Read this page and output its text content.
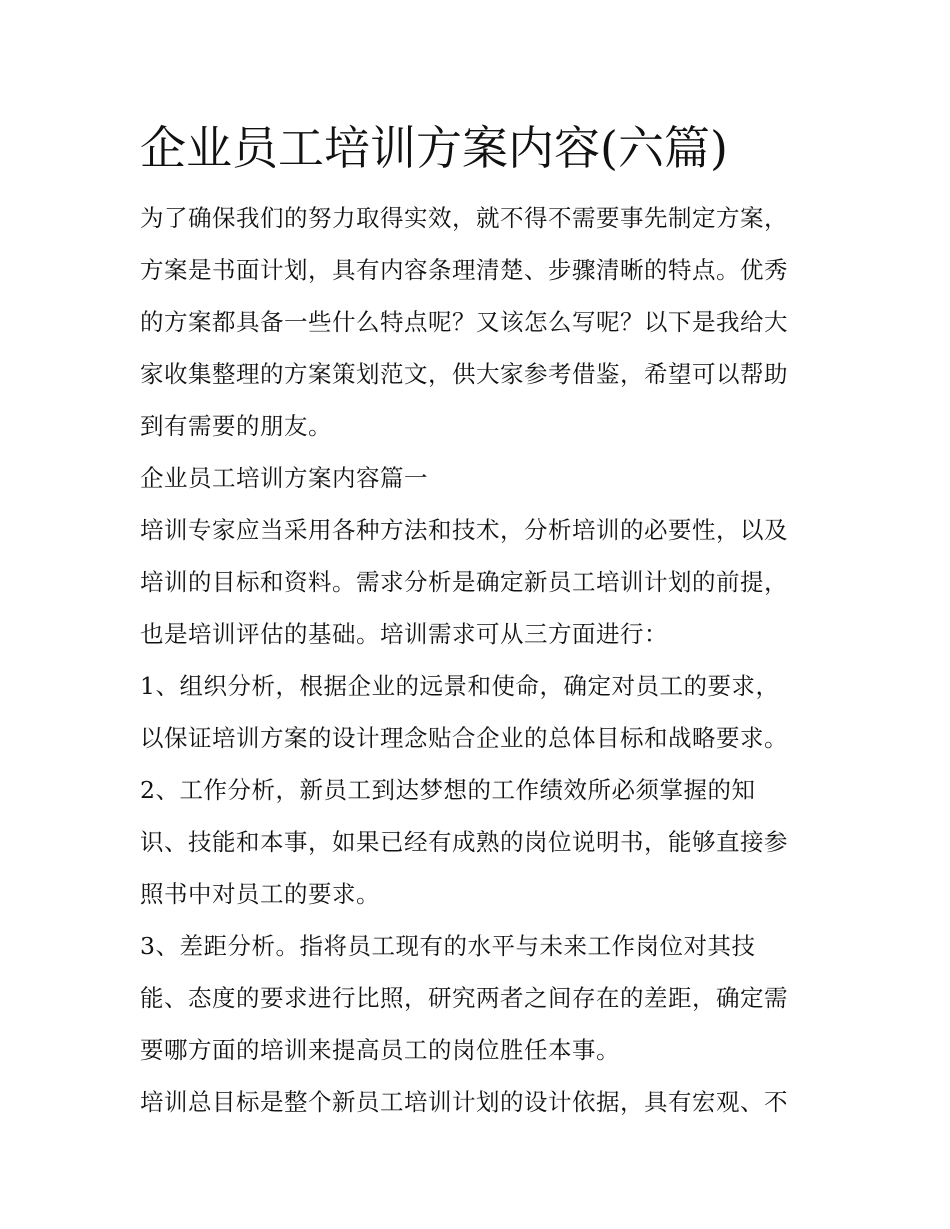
企业员工培训方案内容(六篇)

为了确保我们的努力取得实效，就不得不需要事先制定方案，
方案是书面计划，具有内容条理清楚、步骤清晰的特点。优秀
的方案都具备一些什么特点呢？又该怎么写呢？以下是我给大
家收集整理的方案策划范文，供大家参考借鉴，希望可以帮助
到有需要的朋友。

企业员工培训方案内容篇一

培训专家应当采用各种方法和技术，分析培训的必要性，以及
培训的目标和资料。需求分析是确定新员工培训计划的前提，
也是培训评估的基础。培训需求可从三方面进行：

1、组织分析，根据企业的远景和使命，确定对员工的要求，
以保证培训方案的设计理念贴合企业的总体目标和战略要求。

2、工作分析，新员工到达梦想的工作绩效所必须掌握的知
识、技能和本事，如果已经有成熟的岗位说明书，能够直接参
照书中对员工的要求。

3、差距分析。指将员工现有的水平与未来工作岗位对其技
能、态度的要求进行比照，研究两者之间存在的差距，确定需
要哪方面的培训来提高员工的岗位胜任本事。

培训总目标是整个新员工培训计划的设计依据，具有宏观、不
